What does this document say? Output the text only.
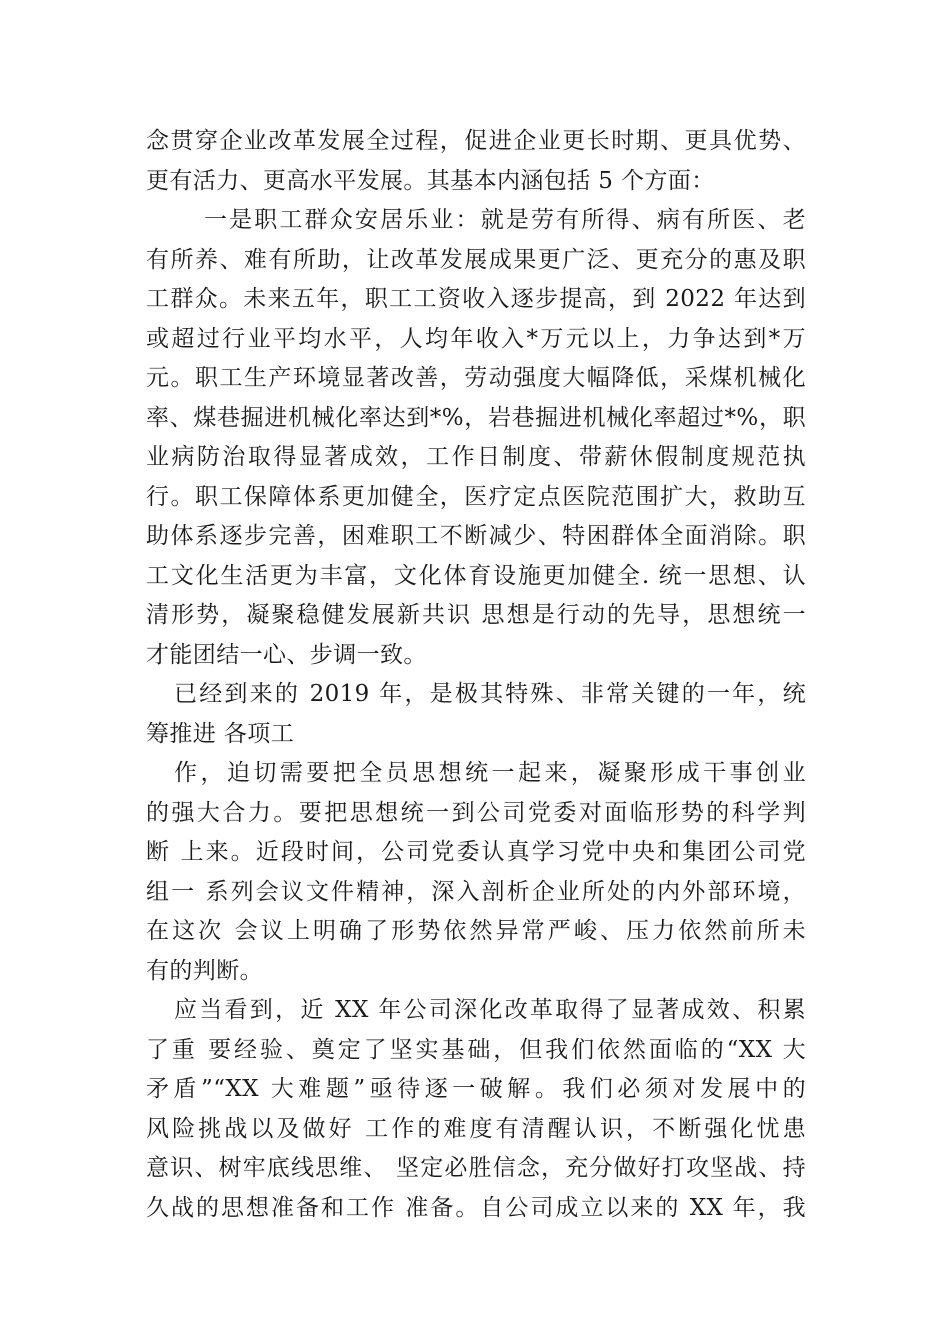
念贯穿企业改革发展全过程，促进企业更长时期、更具优势、
更有活力、更高水平发展。其基本内涵包括 5 个方面：
一是职工群众安居乐业：就是劳有所得、病有所医、老
有所养、难有所助，让改革发展成果更广泛、更充分的惠及职
工群众。未来五年，职工工资收入逐步提高，到 2022 年达到
或超过行业平均水平，人均年收入*万元以上，力争达到*万
元。职工生产环境显著改善，劳动强度大幅降低，采煤机械化
率、煤巷掘进机械化率达到*%，岩巷掘进机械化率超过*%，职
业病防治取得显著成效，工作日制度、带薪休假制度规范执
行。职工保障体系更加健全，医疗定点医院范围扩大，救助互
助体系逐步完善，困难职工不断减少、特困群体全面消除。职
工文化生活更为丰富，文化体育设施更加健全. 统一思想、认
清形势，凝聚稳健发展新共识 思想是行动的先导，思想统一
才能团结一心、步调一致。
已经到来的 2019 年，是极其特殊、非常关键的一年，统
筹推进 各项工
作，迫切需要把全员思想统一起来，凝聚形成干事创业
的强大合力。要把思想统一到公司党委对面临形势的科学判
断 上来。近段时间，公司党委认真学习党中央和集团公司党
组一 系列会议文件精神，深入剖析企业所处的内外部环境，
在这次 会议上明确了形势依然异常严峻、压力依然前所未
有的判断。
应当看到，近 XX 年公司深化改革取得了显著成效、积累
了重 要经验、奠定了坚实基础，但我们依然面临的“XX 大
矛盾”“XX 大难题”亟待逐一破解。我们必须对发展中的
风险挑战以及做好 工作的难度有清醒认识，不断强化忧患
意识、树牢底线思维、 坚定必胜信念，充分做好打攻坚战、持
久战的思想准备和工作 准备。自公司成立以来的 XX 年，我
